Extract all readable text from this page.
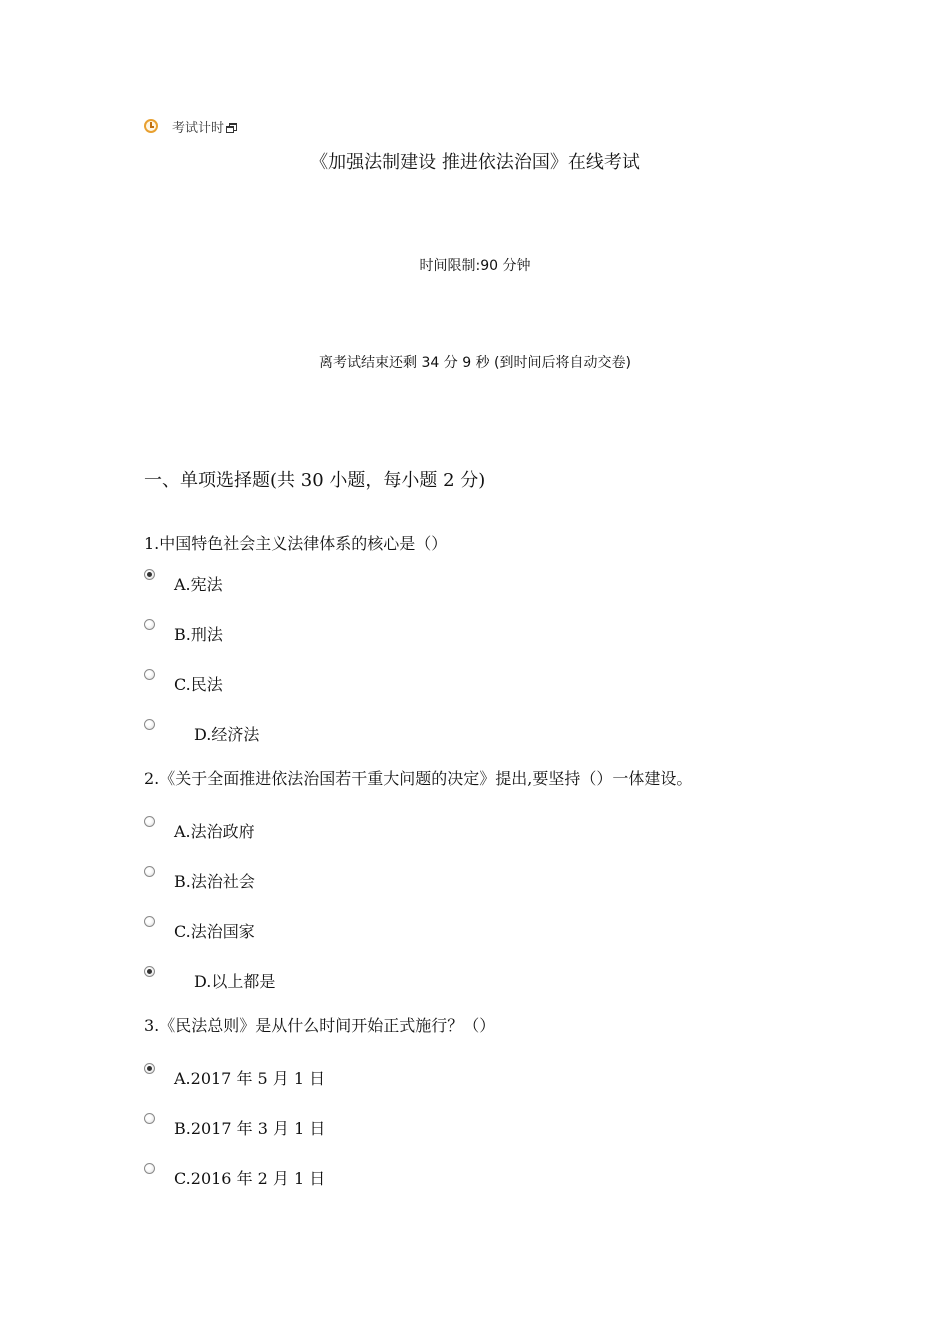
考试计时
《加强法制建设 推进依法治国》在线考试
时间限制:90 分钟
离考试结束还剩 34 分 9 秒 (到时间后将自动交卷)
一、单项选择题(共 30 小题，每小题 2 分)
1.中国特色社会主义法律体系的核心是（）
A.宪法
B.刑法
C.民法
D.经济法
2.《关于全面推进依法治国若干重大问题的决定》提出,要坚持（）一体建设。
A.法治政府
B.法治社会
C.法治国家
D.以上都是
3.《民法总则》是从什么时间开始正式施行？（）
A.2017 年 5 月 1 日
B.2017 年 3 月 1 日
C.2016 年 2 月 1 日
